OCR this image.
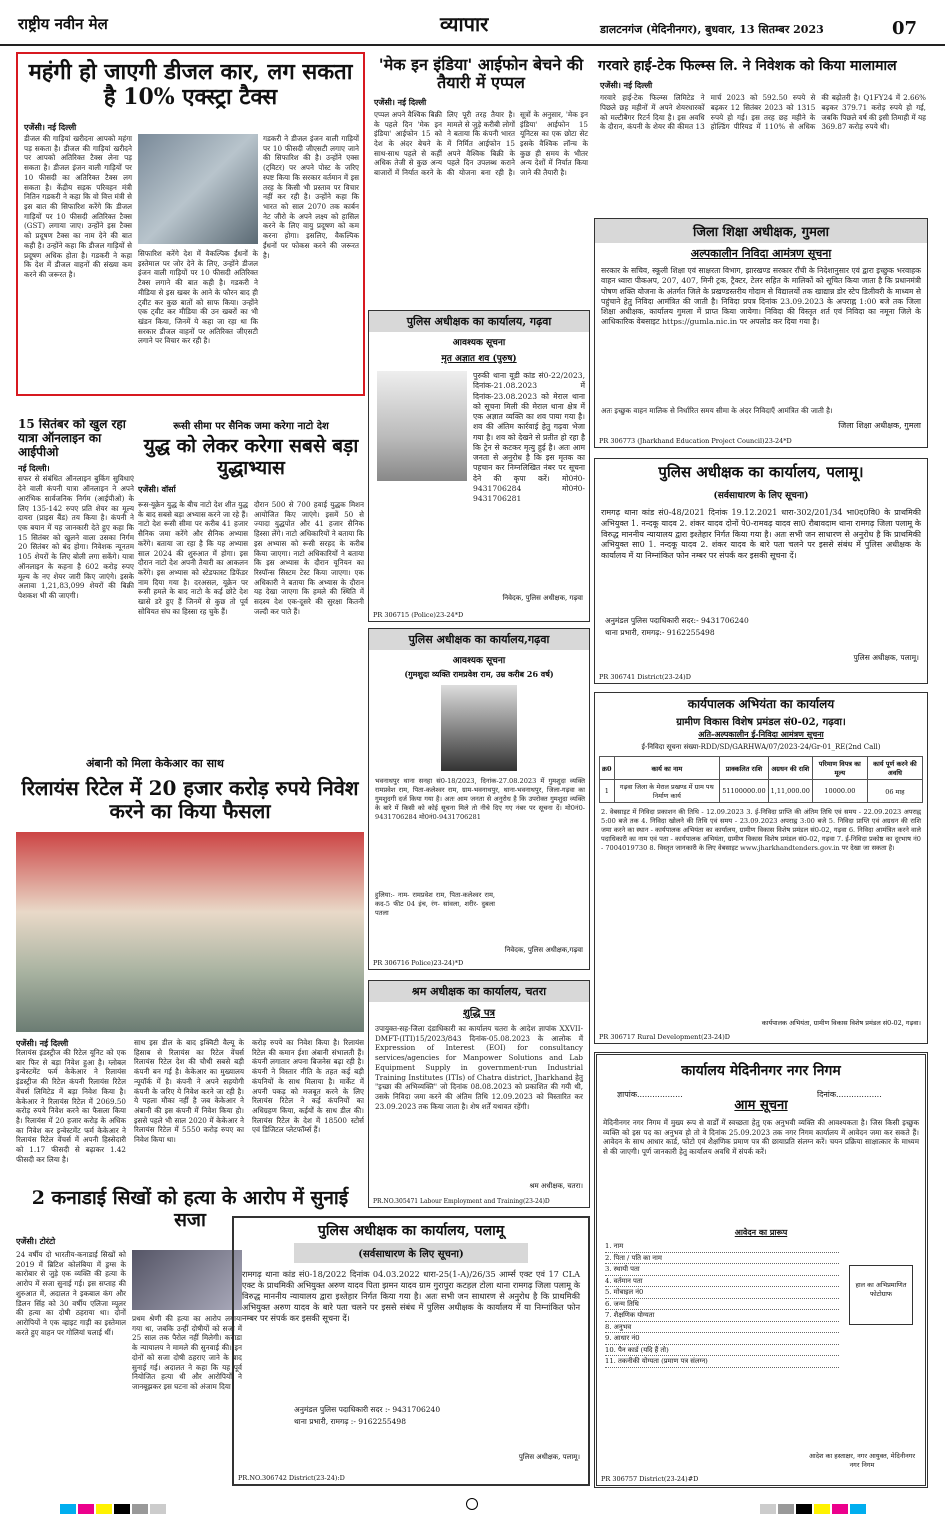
राष्ट्रीय नवीन मेल	व्यापार	डालटनगंज (मेदिनीनगर), बुधवार, 13 सितम्बर 2023	07
महंगी हो जाएगी डीजल कार, लग सकता है 10% एक्स्ट्रा टैक्स
एजेंसी। नई दिल्ली
डीजल की गाड़ियां खरीदना आपको महंगा पड़ सकता है। डीजल की गाड़ियां खरीदने पर आपको अतिरिक्त टैक्स लेना पड़ सकता है। डीजल इंजन वाली गाड़ियों पर 10 फीसदी का अतिरिक्त टैक्स लग सकता है। केंद्रीय सड़क परिवहन मंत्री नितिन गडकरी ने कहा कि वो वित्त मंत्री से इस बात की सिफारिश करेंगे कि डीजल गाड़ियों पर 10 फीसदी अतिरिक्त टैक्स (GST) लगाया जाए। उन्होंने इस टैक्स को प्रदूषण टैक्स का नाम देने की बात कही है। उन्होंने कहा कि डीजल गाड़ियों से प्रदूषण अधिक होता है। गडकरी ने कहा कि देश में डीजल वाहनों की संख्या कम करने की जरूरत है।
गडकरी ने डीजल इंजन वाली गाड़ियों पर 10 फीसदी जीएसटी लगाए जाने की सिफारिश की है। उन्होंने एक्स (ट्विटर) पर अपने पोस्ट के जरिए स्पष्ट किया कि सरकार वर्तमान में इस तरह के किसी भी प्रस्ताव पर विचार नहीं कर रही है। उन्होंने कहा कि भारत को साल 2070 तक कार्बन नेट जीरो के अपने लक्ष्य को हासिल करने के लिए वायु प्रदूषण को कम करना होगा। इसलिए, वैकल्पिक ईंधनों पर फोकस करने की जरूरत है।
सिफारिश करेंगे देश में वैकल्पिक ईंधनों के इस्तेमाल पर जोर देने के लिए, उन्होंने डीजल इंजन वाली गाड़ियों पर 10 फीसदी अतिरिक्त टैक्स लगाने की बात कही है। गडकरी ने मीडिया से इस खबर के आने के फौरन बाद ही ट्वीट कर कुछ बातों को साफ किया। उन्होंने एक ट्वीट कर मीडिया की उन खबरों का भी खंडन किया, जिनमें ये कहा जा रहा था कि सरकार डीजल वाहनों पर अतिरिक्त जीएसटी लगाने पर विचार कर रही है।
'मेक इन इंडिया' आईफोन बेचने की तैयारी में एप्पल
एजेंसी। नई दिल्ली
एप्पल अपने वैश्विक बिक्री के पहले दिन 'मेक इन इंडिया' आईफोन 15 को देश के अंदर बेचने के साथ-साथ पहले से कहीं अधिक तेजी से कुछ अन्य बाजारों में निर्यात करने के लिए पूरी तरह तैयार है। मामले से जुड़े करीबी लोगों ने बताया कि कंपनी भारत में निर्मित आईफोन 15 अपने वैश्विक बिक्री के पहले दिन उपलब्ध कराने की योजना बना रही है। सूत्रों के अनुसार, 'मेक इन इंडिया' आईफोन 15 यूनिटस का एक छोटा सेट इसके वैश्विक लॉन्च के कुछ ही समय के भीतर अन्य देशों में निर्यात किया जाने की तैयारी है।
गरवारे हाई-टेक फिल्म्स लि. ने निवेशक को किया मालामाल
एजेंसी। नई दिल्ली
गरवारे हाई-टेक फिल्म्स लिमिटेड ने पिछले छह महीनों में अपने शेयरधारकों को मल्टीबैगर रिटर्न दिया है। इस अवधि के दौरान, कंपनी के शेयर की कीमत 13 मार्च 2023 को 592.50 रुपये से बढ़कर 12 सितंबर 2023 को 1315 रुपये हो गई। इस तरह छह महीने के होल्डिंग पीरियड में 110% से अधिक की बढ़ोतरी है। Q1FY24 में 2.66% बढ़कर 379.71 करोड़ रुपये हो गई, जबकि पिछले वर्ष की इसी तिमाही में यह 369.87 करोड़ रुपये थी।
जिला शिक्षा अधीक्षक, गुमला
अल्पकालीन निविदा आमंत्रण सूचना
सरकार के सचिव, स्कूली शिक्षा एवं साक्षरता विभाग, झारखण्ड सरकार राँची के निदेशानुसार एवं द्वारा इच्छुक भरवाहक वाहन ध्वारा पीकअप, 207, 407, मिनी ट्रक, ट्रैक्टर, टेलर सहित के मालिकों को सूचित किया जाता है कि प्रधानमंत्री पोषण शक्ति योजना के अंतर्गत जिले के प्रखण्डस्तरीय गोदाम से विद्यालयों तक खाद्यान्न डोर स्टेप डिलीवरी के माध्यम से पहुंचाने हेतु निविदा आमंत्रित की जाती है। निविदा प्रपत्र दिनांक 23.09.2023 के अपराह्न 1:00 बजे तक जिला शिक्षा अधीक्षक, कार्यालय गुमला में प्राप्त किया जायेगा। निविदा की विस्तृत शर्त एवं निविदा का नमूना जिले के आधिकारिक वेबसाइट https://gumla.nic.in पर अपलोड कर दिया गया है।
अतः इच्छुक वाहन मालिक से निर्धारित समय सीमा के अंदर निविदाएँ आमंत्रित की जाती है।
जिला शिक्षा अधीक्षक, गुमला
PR 306773 (Jharkhand Education Project Council)23-24*D
पुलिस अधीक्षक का कार्यालय, गढ़वा
आवश्यक सूचना
मृत अज्ञात शव (पुरुष)
पुरुकी थाना यूडी कांड सं0-22/2023, दिनांक-21.08.2023 में दिनांक-23.08.2023 को मेराल थाना को सूचना मिली की मेराल थाना क्षेत्र में एक अज्ञात व्यक्ति का शव पाया गया है। शव की अंतिम कार्रवाई हेतु गढ़वा भेजा गया है। शव को देखने से प्रतीत हो रहा है कि ट्रेन से कटकर मृत्यु हुई है। अतः आम जनता से अनुरोध है कि इस मृतक का पहचान कर निम्नलिखित नंबर पर सूचना देने की कृपा करें। मो0नं0-9431706284 मो0नं0-9431706281
निवेदक, पुलिस अधीक्षक, गढ़वा
PR 306715 (Police)23-24*D
15 सितंबर को खुल रहा यात्रा ऑनलाइन का आईपीओ
नई दिल्ली।
सफर से संबंधित ऑनलाइन बुकिंग सुविधाएं देने वाली कंपनी यात्रा ऑनलाइन ने अपने आरंभिक सार्वजनिक निर्गम (आईपीओ) के लिए 135-142 रुपए प्रति शेयर का मूल्य दायरा (प्राइस बैंड) तय किया है। कंपनी ने एक बयान में यह जानकारी देते हुए कहा कि 15 सितंबर को खुलने वाला उसका निर्गम 20 सितंबर को बंद होगा। निवेशक न्यूनतम 105 शेयरों के लिए बोली लगा सकेंगे। यात्रा ऑनलाइन के कहना है 602 करोड़ रुपए मूल्य के नए शेयर जारी किए जाएंगे। इसके अलावा 1,21,83,099 शेयरों की बिक्री पेशकश भी की जाएगी।
रूसी सीमा पर सैनिक जमा करेगा नाटो देश
युद्ध को लेकर करेगा सबसे बड़ा युद्धाभ्यास
एजेंसी। वॉर्सा
रूस-यूक्रेन युद्ध के बीच नाटो देश शीत युद्ध के बाद सबसे बड़ा अभ्यास करने जा रहे हैं। नाटो देश रूसी सीमा पर करीब 41 हजार सैनिक जमा करेंगे और सैनिक अभ्यास करेंगे। बताया जा रहा है कि यह अभ्यास साल 2024 की शुरुआत में होगा। इस दौरान नाटो देश अपनी तैयारी का आकलन करेंगे। इस अभ्यास को स्टेडफास्ट डिफेंडर नाम दिया गया है। दरअसल, यूक्रेन पर रूसी हमले के बाद नाटो के कई छोटे देश खासे डरे हुए हैं जिनमें से कुछ तो पूर्व सोवियत संघ का हिस्सा रह चुके हैं।
दौरान 500 से 700 हवाई युद्धक मिशन आयोजित किए जाएंगे। इसमें 50 से ज्यादा युद्धपोत और 41 हजार सैनिक हिस्सा लेंगे। नाटो अधिकारियों ने बताया कि इस अभ्यास को रूसी सरहद के करीब किया जाएगा। नाटो अधिकारियों ने बताया कि इस अभ्यास के दौरान यूनियन का रिस्पॉन्स सिस्टम टेस्ट किया जाएगा। एक अधिकारी ने बताया कि अभ्यास के दौरान यह देखा जाएगा कि हमले की स्थिति में सदस्य देश एक-दूसरे की सुरक्षा कितनी जल्दी कर पाते हैं।
पुलिस अधीक्षक का कार्यालय, पलामू।
(सर्वसाधारण के लिए सूचना)
रामगढ़ थाना कांड सं0-48/2021 दिनांक 19.12.2021 धारा-302/201/34 भा0द0वि0 के प्राथमिकी अभियुक्त 1. नन्दकू यादव 2. शंकर यादव दोनों पे0-रामवढ़ यादव सा0 रौबावदाम थाना रामगढ़ जिला पलामू के विरुद्ध माननीय न्यायालय द्वारा इश्तेहार निर्गत किया गया है। अतः सभी जन साधारण से अनुरोध है कि प्राथमिकी अभियुक्त सा0 1. नन्दकू यादव 2. शंकर यादव के बारे पता चलने पर इससे संबंध में पुलिस अधीक्षक के कार्यालय में या निम्नांकित फोन नम्बर पर संपर्क कर इसकी सूचना दें।
अनुमंडल पुलिस पदाधिकारी सदर:- 9431706240
थाना प्रभारी, रामगढ़:- 9162255498
पुलिस अधीक्षक, पलामू।
PR 306741 District(23-24)D
पुलिस अधीक्षक का कार्यालय,गढ़वा
आवश्यक सूचना
(गुमशुदा व्यक्ति रामप्रवेश राम, उम्र करीब 26 वर्ष)
भवनाथपुर थाना सनहा सं0-18/2023, दिनांक-27.08.2023 में गुमशुदा व्यक्ति रामप्रवेश राम, पिता-कलेश्वर राम, ग्राम-भवनाथपुर, थाना-भवनाथपुर, जिला-गढ़वा का गुमशुदगी दर्ज किया गया है। अतः आम जनता से अनुरोध है कि उपरोक्त गुमशुदा व्यक्ति के बारे में किसी को कोई सूचना मिले तो नीचे दिए गए नंबर पर सूचना दें। मो0नं0-9431706284 मो0नं0-9431706281
हुलिया:- नाम- रामप्रवेश राम, पिता-कलेश्वर राम, कद-5 फीट 04 इंच, रंग- सांवला, शरीर- दुबला पतला
निवेदक, पुलिस अधीक्षक,गढ़वा
PR 306716 Police)23-24)*D
कार्यपालक अभियंता का कार्यालय
ग्रामीण विकास विशेष प्रमंडल सं0-02, गढ़वा।
अति-अल्पकालीन ई-निविदा आमंत्रण सूचना
ई-निविदा सूचना संख्या-RDD/SD/GARHWA/07/2023-24/Gr-01_RE(2nd Call)
क्र0	कार्य का नाम	प्राक्कलित राशि	अग्रधन की राशि	परिमाण विपत्र का मूल्य	कार्य पूर्ण करने की अवधि
1	गढ़वा जिला के मेराल प्रखण्ड में ग्राम पथ निर्माण कार्य	51100000.00	1,11,000.00	10000.00	06 माह
2. वेबसाइट में निविदा प्रकाशन की तिथि - 12.09.2023 3. ई-निविदा प्राप्ति की अंतिम तिथि एवं समय - 22.09.2023 अपराह्न 5:00 बजे तक 4. निविदा खोलने की तिथि एवं समय - 23.09.2023 अपराह्न 3:00 बजे 5. निविदा प्राप्ति एवं अग्रधन की राशि जमा करने का स्थान - कार्यपालक अभियंता का कार्यालय, ग्रामीण विकास विशेष प्रमंडल सं0-02, गढ़वा 6. निविदा आमंत्रित करने वाले पदाधिकारी का नाम एवं पता - कार्यपालक अभियंता, ग्रामीण विकास विशेष प्रमंडल सं0-02, गढ़वा 7. ई-निविदा प्रकोष्ठ का दूरभाष नं0 - 7004019730 8. विस्तृत जानकारी के लिए वेबसाइट www.jharkhandtenders.gov.in पर देखा जा सकता है।
कार्यपालक अभियंता, ग्रामीण विकास विशेष प्रमंडल सं0-02, गढ़वा।
PR 306717 Rural Development(23-24)D
अंबानी को मिला केकेआर का साथ
रिलायंस रिटेल में 20 हजार करोड़ रुपये निवेश करने का किया फैसला
एजेंसी। नई दिल्ली
रिलायंस इंडस्ट्रीज की रिटेल यूनिट को एक बार फिर से बड़ा निवेश हुआ है। ग्लोबल इन्वेस्टमेंट फर्म केकेआर ने रिलायंस इंडस्ट्रीज की रिटेल कंपनी रिलायंस रिटेल वेंचर्स लिमिटेड में बड़ा निवेश किया है। केकेआर ने रिलायंस रिटेल में 2069.50 करोड़ रुपये निवेश करने का फैसला किया है। रिलायंस में 20 हजार करोड़ के अधिक का निवेश कर इन्वेस्टमेंट फर्म केकेआर ने रिलायंस रिटेल वेंचर्स में अपनी हिस्सेदारी को 1.17 फीसदी से बढ़ाकर 1.42 फीसदी कर लिया है।
साथ इस डील के बाद इक्विटी वैल्यू के हिसाब से रिलायंस का रिटेल वेंचर्स रिलायंस रिटेल देश की चौथी सबसे बड़ी कंपनी बन गई है। केकेआर का मुख्यालय न्यूयॉर्क में है। कंपनी ने अपने सहयोगी कंपनी के जरिए ये निवेश करने जा रही है। ये पहला मौका नहीं है जब केकेआर ने अंबानी की इस कंपनी में निवेश किया हो। इससे पहले भी साल 2020 में केकेआर ने रिलायंस रिटेल में 5550 करोड़ रुपए का निवेश किया था।
करोड़ रुपये का निवेश किया है। रिलायंस रिटेल की कमान ईशा अंबानी संभालती हैं। कंपनी लगातार अपना बिजनेस बढ़ा रही है। कंपनी ने विस्तार नीति के तहत कई बड़ी कंपनियों के साथ मिलाया है। मार्केट में अपनी पकड़ को मजबूत करने के लिए रिलायंस रिटेल ने कई कंपनियों का अधिग्रहण किया, कईयों के साथ डील की। रिलायंस रिटेल के देश में 18500 स्टोर्स एवं डिजिटल प्लेटफॉर्म्स हैं।
श्रम अधीक्षक का कार्यालय, चतरा
शुद्धि पत्र
उपायुक्त-सह-जिला दंडाधिकारी का कार्यालय चतरा के आदेश ज्ञापांक XXVII-DMFT-(ITI)15/2023/843 दिनांक-05.08.2023 के आलोक में Expression of Interest (EOI) for consultancy services/agencies for Manpower Solutions and Lab Equipment Supply in government-run Industrial Training Institutes (ITIs) of Chatra district, Jharkhand हेतु "इच्छा की अभिव्यक्ति" जो दिनांक 08.08.2023 को प्रकाशित की गयी थी, उसके निविदा जमा करने की अंतिम तिथि 12.09.2023 को विस्तारित कर 23.09.2023 तक किया जाता है। शेष शर्तें यथावत रहेंगी।
श्रम अधीक्षक, चतरा।
PR.NO.305471 Labour Employment and Training(23-24)D
कार्यालय मेदिनीनगर नगर निगम
ज्ञापांक..................	दिनांक..................
आम सूचना
मेदिनीनगर नगर निगम में मुख्य रूप से वार्डों में स्वच्छता हेतु एक अनुभवी व्यक्ति की आवश्यकता है। जिस किसी इच्छुक व्यक्ति को इस पद का अनुभव हो तो वे दिनांक 25.09.2023 तक नगर निगम कार्यालय में आवेदन जमा कर सकते हैं। आवेदन के साथ आधार कार्ड, फोटो एवं शैक्षणिक प्रमाण पत्र की छायाप्रति संलग्न करें। चयन प्रक्रिया साक्षात्कार के माध्यम से की जाएगी। पूर्ण जानकारी हेतु कार्यालय अवधि में संपर्क करें।
आवेदन का प्रारूप
हाल का अभिप्रमाणित फोटोग्राफ
1. नाम
2. पिता / पति का नाम
3. स्थायी पता
4. वर्तमान पता
5. मोबाइल नं0
6. जन्म तिथि
7. शैक्षणिक योग्यता
8. अनुभव
9. आधार नं0
10. पैन कार्ड (यदि हैं तो)
11. तकनीकी योग्यता (प्रमाण पत्र संलग्न)
आदेश का हस्ताक्षर, नगर आयुक्त, मेदिनीनगर नगर निगम
PR 306757 District(23-24)#D
2 कनाडाई सिखों को हत्या के आरोप में सुनाई सजा
एजेंसी। टोरंटो
24 वर्षीय दो भारतीय-कनाडाई सिखों को 2019 में ब्रिटिश कोलंबिया में ड्रग्स के कारोबार से जुड़े एक व्यक्ति की हत्या के आरोप में सजा सुनाई गई। इस सप्ताह की शुरुआत में, अदालत ने इकबाल कंग और डिलन सिंह को 30 वर्षीय एलिजा म्यूलर की हत्या का दोषी ठहराया था। दोनों आरोपियों ने एक व्हाइट गाड़ी का इस्तेमाल करते हुए वाहन पर गोलियां चलाई थीं।
प्रथम श्रेणी की हत्या का आरोप लगाया गया था, जबकि उन्हीं दोषीयों को सजा में 25 साल तक पैरोल नहीं मिलेगी। कनाडा के न्यायालय ने मामले की सुनवाई की। इन दोनों को सजा दोषी ठहराए जाने के बाद सुनाई गई। अदालत ने कहा कि यह पूर्व नियोजित हत्या थी और आरोपियों ने जानबूझकर इस घटना को अंजाम दिया।
पुलिस अधीक्षक का कार्यालय, पलामू
(सर्वसाधारण के लिए सूचना)
रामगढ़ थाना कांड सं0-18/2022 दिनांक 04.03.2022 धारा-25(1-A)/26/35 आर्म्स एक्ट एवं 17 CLA एक्ट के प्राथमिकी अभियुक्त अरुण यादव पिता झमन यादव ग्राम गुरापुरा कटहल टोला थाना रामगढ़ जिला पलामू के विरुद्ध माननीय न्यायालय द्वारा इश्तेहार निर्गत किया गया है। अतः सभी जन साधारण से अनुरोध है कि प्राथमिकी अभियुक्त अरुण यादव के बारे पता चलने पर इससे संबंध में पुलिस अधीक्षक के कार्यालय में या निम्नांकित फोन नम्बर पर संपर्क कर इसकी सूचना दें।
अनुमंडल पुलिस पदाधिकारी सदर :- 9431706240
थाना प्रभारी, रामगढ़ :- 9162255498
पुलिस अधीक्षक, पलामू।
PR.NO.306742 District(23-24):D
